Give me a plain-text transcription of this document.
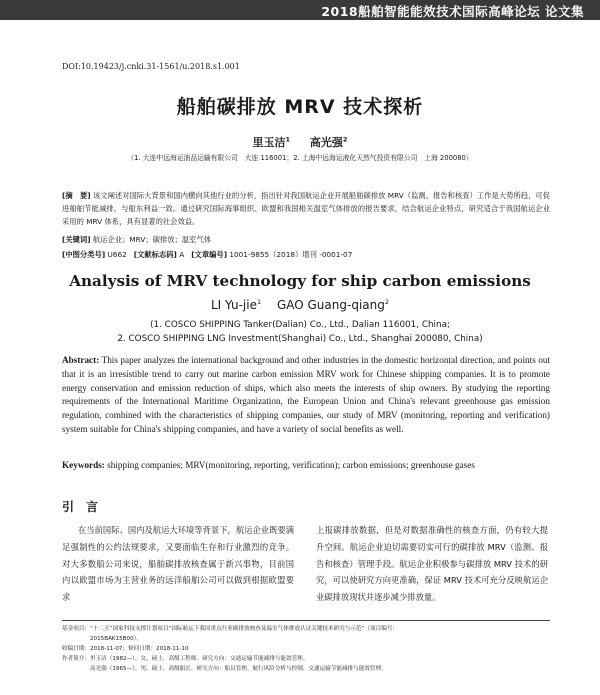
2018船舶智能能效技术国际高峰论坛 论文集
DOI:10.19423/j.cnki.31-1561/u.2018.s1.001
船舶碳排放 MRV 技术探析
里玉洁$^1$ 高光强$^2$
（1. 大连中远海运油品运输有限公司　大连 116001；2. 上海中远海运液化天然气投资有限公司　上海 200080）
[摘　要] 该文阐述对国际大背景和国内横向其他行业的分析，指出针对我国航运企业开展船舶碳排放 MRV（监测、报告和核查）工作是大势所趋，可促进船舶节能减排，与船东利益一致。通过研究国际海事组织、欧盟和我国相关温室气体排放的报告要求，结合航运企业特点，研究适合于我国航运企业采用的 MRV 体系，具有显著的社会效益。
[关键词] 航运企业；MRV；碳排放；温室气体
[中图分类号] U662 [文献标志码] A [文章编号] 1001-9855（2018）增刊 -0001-07
Analysis of MRV technology for ship carbon emissions
LI Yu-jie$^1$ GAO Guang-qiang$^2$
(1. COSCO SHIPPING Tanker(Dalian) Co., Ltd., Dalian 116001, China;
2. COSCO SHIPPING LNG Investment(Shanghai) Co., Ltd., Shanghai 200080, China)
Abstract: This paper analyzes the international background and other industries in the domestic horizontal direction, and points out that it is an irresistible trend to carry out marine carbon emission MRV work for Chinese shipping companies. It is to promote energy conservation and emission reduction of ships, which also meets the interests of ship owners. By studying the reporting requirements of the International Maritime Organization, the European Union and China's relevant greenhouse gas emission regulation, combined with the characteristics of shipping companies, our study of MRV (monitoring, reporting and verification) system suitable for China's shipping companies, and have a variety of social benefits as well.
Keywords: shipping companies; MRV(monitoring, reporting, verification); carbon emissions; greenhouse gases
引言
在当前国际、国内及航运大环境等背景下，航运企业既要满足强制性的公约法规要求，又要面临生存和行业激烈的竞争。对大多数船公司来说，船舶碳排放核查属于新兴事物，目前国内以欧盟市场为主营业务的远洋船舶公司可以做到根据欧盟要求
上报碳排放数据，但是对数据准确性的核查方面，仍有较大提升空间。航运企业迫切需要切实可行的碳排放 MRV（监测、报告和核查）管理手段。航运企业积极参与碳排放 MRV 技术的研究，可以使研究方向更准确，保证 MRV 技术可充分反映航运企业碳排放现状并逐步减少排放量。
基金项目：“十二五”国家科技支撑计划项目“国际航运下我国重点行业碳排放核查及温室气体排放认证关键技术研究与示范”（项目编号：
2015BAK15B00）。
收稿日期：2018-11-07；修回日期：2018-11-10
作者简介：里玉洁（1982—），女，硕士，高级工程师。研究方向：交通运输节能减排与能效管理。
高光强（1965—），男，硕士，高级船长。研究方向：船员管理、航行风险分析与控制、交通运输节能减排与能效管理。
